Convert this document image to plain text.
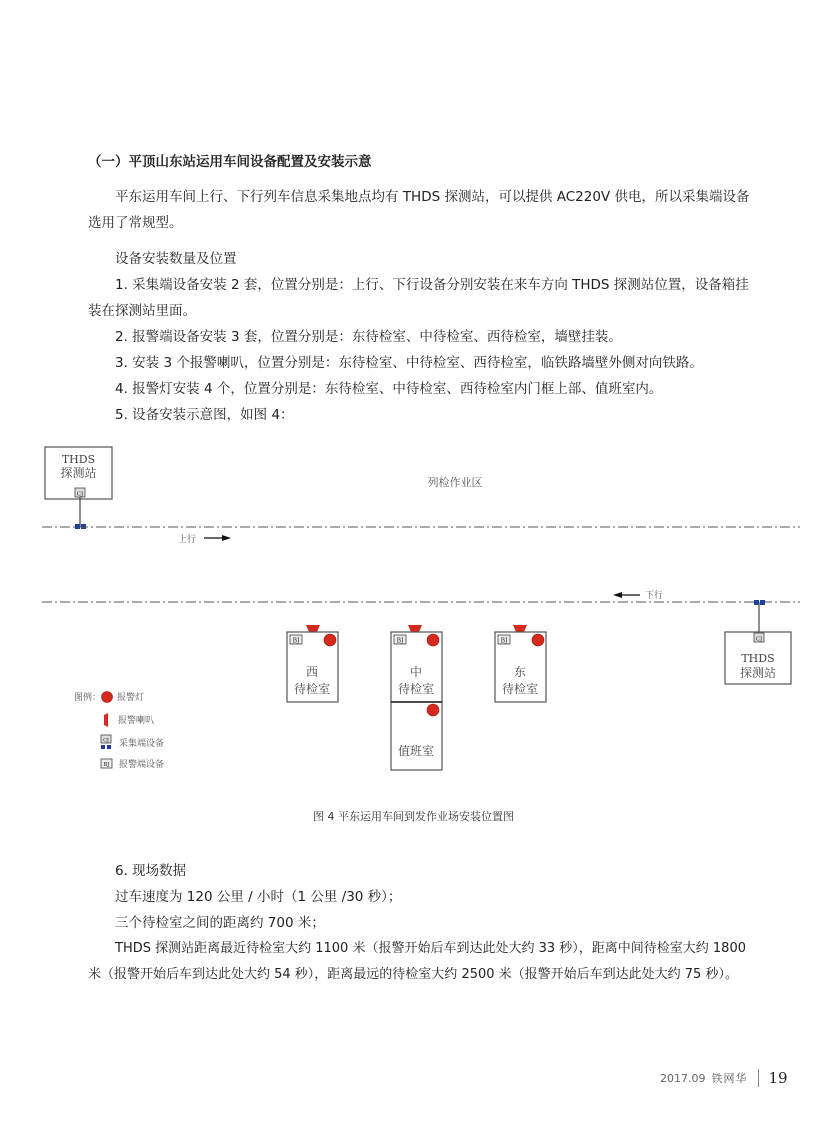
（一）平顶山东站运用车间设备配置及安装示意

平东运用车间上行、下行列车信息采集地点均有 THDS 探测站，可以提供 AC220V 供电，所以采集端设备选用了常规型。

设备安装数量及位置

1. 采集端设备安装 2 套，位置分别是：上行、下行设备分别安装在来车方向 THDS 探测站位置，设备箱挂装在探测站里面。

2. 报警端设备安装 3 套，位置分别是：东待检室、中待检室、西待检室，墙壁挂装。

3. 安装 3 个报警喇叭，位置分别是：东待检室、中待检室、西待检室，临铁路墙壁外侧对向铁路。

4. 报警灯安装 4 个，位置分别是：东待检室、中待检室、西待检室内门框上部、值班室内。

5. 设备安装示意图，如图 4：

THDS
探测站
CJ
列检作业区
上行
下行
CJ
THDS
探测站
BJ
西
待检室
BJ
中
待检室
值班室
BJ
东
待检室
图例： 报警灯
报警喇叭
CJ 采集端设备
BJ 报警端设备
图 4 平东运用车间到发作业场安装位置图

6. 现场数据

过车速度为 120 公里 / 小时（1 公里 /30 秒）；

三个待检室之间的距离约 700 米；

THDS 探测站距离最近待检室大约 1100 米（报警开始后车到达此处大约 33 秒），距离中间待检室大约 1800 米（报警开始后车到达此处大约 54 秒），距离最远的待检室大约 2500 米（报警开始后车到达此处大约 75 秒）。

2017.09 铁网华 19
